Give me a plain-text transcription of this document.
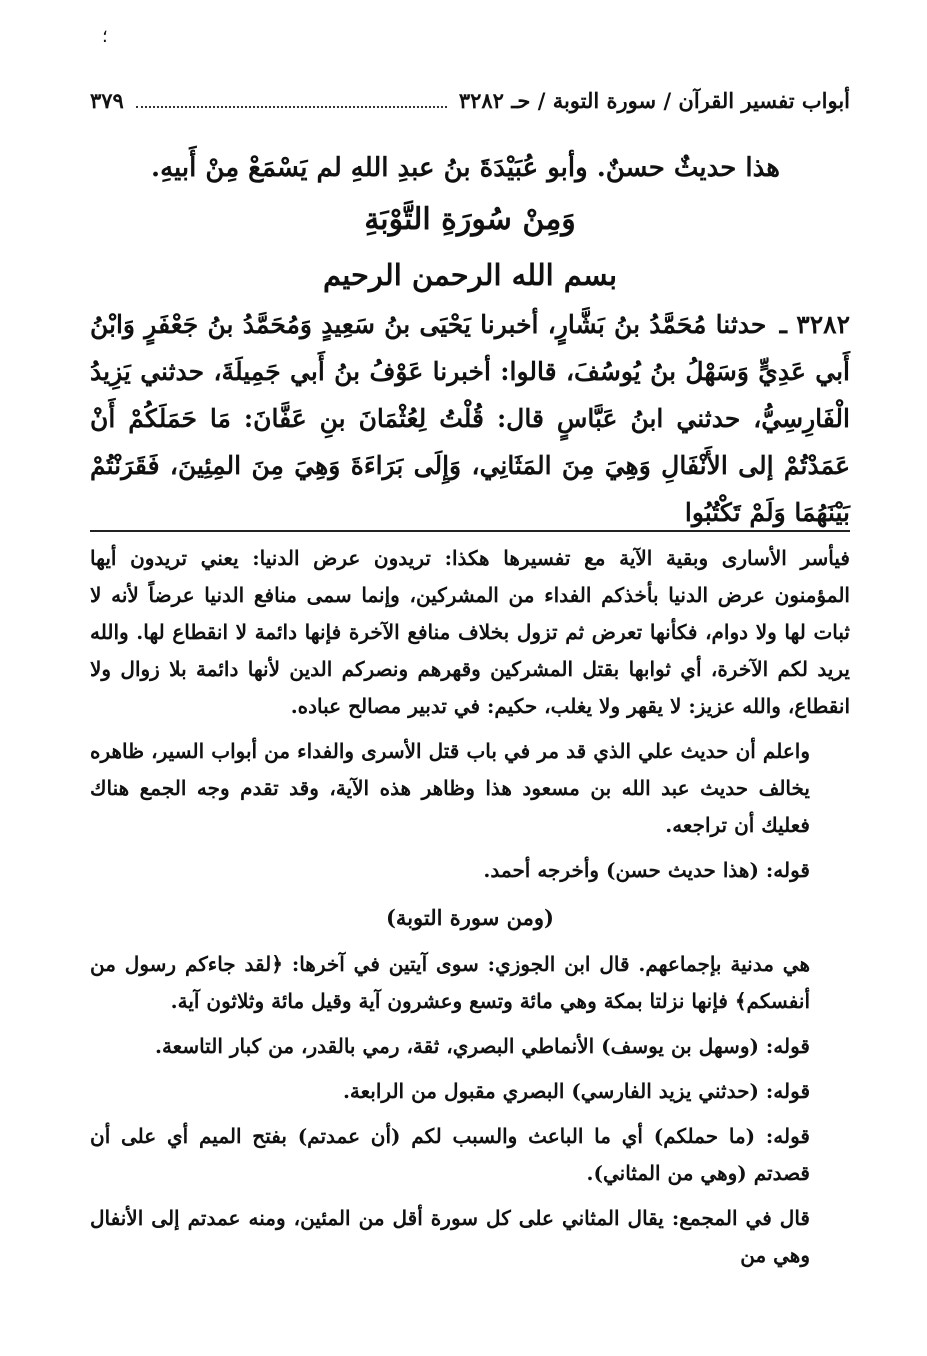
؛
أبواب تفسير القرآن / سورة التوبة / حـ ٣٢٨٢
٣٧٩

هذا حديثٌ حسنٌ. وأبو عُبَيْدَةَ بنُ عبدِ اللهِ لم يَسْمَعْ مِنْ أَبيهِ.

وَمِنْ سُورَةِ التَّوْبَةِ

بسم الله الرحمن الرحيم

٣٢٨٢ ـ حدثنا مُحَمَّدُ بنُ بَشَّارٍ، أخبرنا يَحْيَى بنُ سَعِيدٍ وَمُحَمَّدُ بنُ جَعْفَرٍ وَابْنُ أَبي عَدِيٍّ وَسَهْلُ بنُ يُوسُفَ، قالوا: أخبرنا عَوْفُ بنُ أَبي جَمِيلَةَ، حدثني يَزِيدُ الْفَارِسِيُّ، حدثني ابنُ عَبَّاسٍ قال: قُلْتُ لِعُثْمَانَ بنِ عَفَّانَ: مَا حَمَلَكُمْ أَنْ عَمَدْتُمْ إلى الأَنْفَالِ وَهِيَ مِنَ المَثَانِي، وَإِلَى بَرَاءَةَ وَهِيَ مِنَ المِئِينَ، فَقَرَنْتُمْ بَيْنَهُمَا وَلَمْ تَكْتُبُوا

فيأسر الأسارى وبقية الآية مع تفسيرها هكذا: تريدون عرض الدنيا: يعني تريدون أيها المؤمنون عرض الدنيا بأخذكم الفداء من المشركين، وإنما سمى منافع الدنيا عرضاً لأنه لا ثبات لها ولا دوام، فكأنها تعرض ثم تزول بخلاف منافع الآخرة فإنها دائمة لا انقطاع لها. والله يريد لكم الآخرة، أي ثوابها بقتل المشركين وقهرهم ونصركم الدين لأنها دائمة بلا زوال ولا انقطاع، والله عزيز: لا يقهر ولا يغلب، حكيم: في تدبير مصالح عباده.

واعلم أن حديث علي الذي قد مر في باب قتل الأسرى والفداء من أبواب السير، ظاهره يخالف حديث عبد الله بن مسعود هذا وظاهر هذه الآية، وقد تقدم وجه الجمع هناك فعليك أن تراجعه.

قوله: (هذا حديث حسن) وأخرجه أحمد.

(ومن سورة التوبة)

هي مدنية بإجماعهم. قال ابن الجوزي: سوى آيتين في آخرها: ﴿لقد جاءكم رسول من أنفسكم﴾ فإنها نزلتا بمكة وهي مائة وتسع وعشرون آية وقيل مائة وثلاثون آية.

قوله: (وسهل بن يوسف) الأنماطي البصري، ثقة، رمي بالقدر، من كبار التاسعة.

قوله: (حدثني يزيد الفارسي) البصري مقبول من الرابعة.

قوله: (ما حملكم) أي ما الباعث والسبب لكم (أن عمدتم) بفتح الميم أي على أن قصدتم (وهي من المثاني).

قال في المجمع: يقال المثاني على كل سورة أقل من المئين، ومنه عمدتم إلى الأنفال وهي من
